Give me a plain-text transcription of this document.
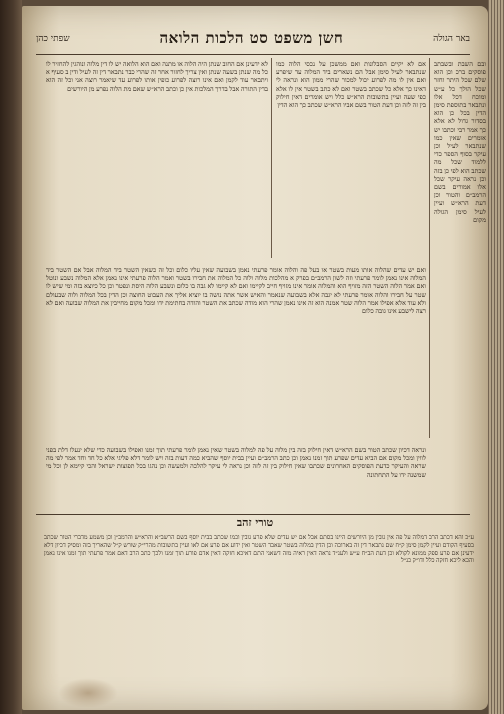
באר הגולה
חשן משפט סט הלכות הלואה
שפתי כהן

ובם השבת ובשבתב פוסקים ברכ וכן הוא שלם שכל היתר וחזר שכל הולך כל ע״ש ומוכח דכל אלו ונתבאר בתוספת סימן הדין בכל כן הוא בסדור גדול לא אלא כך אמר רבי וכתבו יש אומרים שאין כמו שנתבאר לעיל וכן עיקר בסוף הספר כדי ללמוד שכל מה שכתב הוא לפי כן בזה וכן נראה עיקר שכל אלו אמורים בשם הרמב״ם והטור וכן דעת הרא״ש ועיין לעיל סימן הגולה מקום

אם לא יקיים הסבלונות ואם ממשכן על נכסי הלוה כמו שנתבאר לעיל סימן אבל הם נשארים ביד המלוה עד שיפרע ואם אין לו מה לפרוע יכול למכור שהרי ממון הוא ונראה לי דאינו כך אלא כל שכתב בשטר ואם לא כתב בשטר אין לו אלא כפי שעה ועיין בתשובות הרא״ש כלל ויש אומרים דאין חילוק בין זה לזה וכן דעת הטור בשם אביו הרא״ש שכתב כך הוא הדין

לא ידעינן אם החוב שנתן היה הלוה או מתנה ואם הוא הלואה יש לו דין מלוה ונוהגין להחזיר לו כל מה שנתן בשעה שנתן ואין צריך לחזור אחר זה שהרי כבר נתבאר דין זה לעיל ודין ב סעיף א ויתבאר עוד לקמן ואם אינו רוצה לפרוע כופין אותו לפרוע עד שיאמר רוצה אני וכל זה הוא בדין התורה אבל בדרך המלכות אין כן וכתב הרא״ש שאם מת הלוה נפרע מן היורשים

ואם יש עדים שהלוה אותו מעות בשטר או בעל פה והלוה אומר פרעתי נאמן בשבועה שאין עליו כלום וכל זה כשאין השטר ביד המלוה אבל אם השטר ביד המלוה אינו נאמן לומר פרעתי וזה לשון הרמב״ם בפרק א מהלכות מלוה ולוה כל המלוה את חבירו בשטר ואמר הלוה פרעתי אינו נאמן אלא המלוה נשבע ונוטל ואם אמר הלוה השטר הזה מזויף הוא והמלוה אומר אינו מזויף חייב לקיימו ואם לא קיימו לא גבה בו כלום ונשבע הלוה היסת ונפטר וכן כל כיוצא בזה ומי שיש לו שטר על חבירו והלוה אומר פרעתי לא יגבה אלא בשבועה שנאמר והאיש אשר אתה נושה בו יוציא אליך את העבוט החוצה וכן הדין בכל המלוה ולוה שבעולם ולא עוד אלא אפילו אמר הלוה שטר אמנה הוא זה אינו נאמן שהרי הוא מודה שכתב את השטר והודה בחתימת ידו ומכל מקום מחייבין את המלוה שבועה ואם לא רצה לישבע אינו גובה כלום

ונראה דכיון שכתב הטור בשם הרא״ש דאין חילוק בזה בין מלוה על פה למלוה בשטר שאין נאמן לומר פרעתי תוך זמנו ואפילו בשבועה כדי שלא ינעלו דלת בפני לווין ומכל מקום אם הביא עדים שפרע תוך זמנו נאמן וכן כתב הרמב״ם ועיין בבית יוסף שהביא כמה דעות בזה ויש לומר דלא פליגי אלא כל חד וחד אמר לפי מה שראה והעיקר כדעת הפוסקים האחרונים שכתבו שאין חילוק בין זה לזה וכן נראה לי עיקר להלכה ולמעשה וכן נהגו בכל תפוצות ישראל והכי קיימא לן וכל מי שמשנה ידו על התחתונה

טורי זהב

ע״כ והא דכתב הרב דמלוה על פה אין גובין מן היורשים היינו בסתם אבל אם יש עדים שלא פרע גובין וכמו שכתב בבית יוסף בשם הרשב״א והרא״ש והרמב״ן וכן משמע מדברי הטור שכתב בסעיף הקודם ועיין לקמן סימן ק״ח שם נתבאר דין זה בארוכה וכן הדין במלוה בשטר שאבד השטר ואין ידוע אם פרע אם לאו ועיין בתשובות מהרי״ק שורש ק״ל שהאריך בזה ומסיק דכיון דלא ידעינן אם פרע ספק ממונא לקולא וכן דעת הב״ח ע״ש ולענ״ד נראה דאין ראיה מזה דשאני התם דאיכא חזקה דאין אדם פורע תוך זמנו ולכך כתב הרב דאם אמר פרעתי תוך זמנו אינו נאמן והכא ליכא חזקה כלל ודו״ק כנ״ל
